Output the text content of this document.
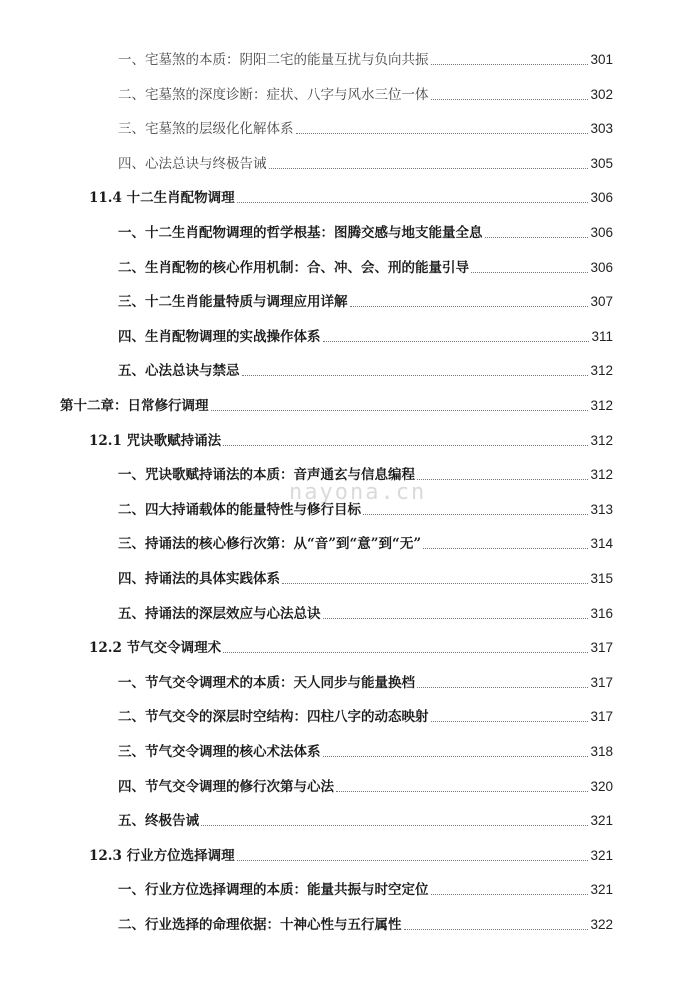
一、宅墓煞的本质：阴阳二宅的能量互扰与负向共振	301
二、宅墓煞的深度诊断：症状、八字与风水三位一体	302
三、宅墓煞的层级化化解体系	303
四、心法总诀与终极告诫	305
11.4 十二生肖配物调理	306
一、十二生肖配物调理的哲学根基：图腾交感与地支能量全息	306
二、生肖配物的核心作用机制：合、冲、会、刑的能量引导	306
三、十二生肖能量特质与调理应用详解	307
四、生肖配物调理的实战操作体系	311
五、心法总诀与禁忌	312
第十二章：日常修行调理	312
12.1 咒诀歌赋持诵法	312
一、咒诀歌赋持诵法的本质：音声通玄与信息编程	312
二、四大持诵载体的能量特性与修行目标	313
三、持诵法的核心修行次第：从“音”到“意”到“无”	314
四、持诵法的具体实践体系	315
五、持诵法的深层效应与心法总诀	316
12.2 节气交令调理术	317
一、节气交令调理术的本质：天人同步与能量换档	317
二、节气交令的深层时空结构：四柱八字的动态映射	317
三、节气交令调理的核心术法体系	318
四、节气交令调理的修行次第与心法	320
五、终极告诫	321
12.3 行业方位选择调理	321
一、行业方位选择调理的本质：能量共振与时空定位	321
二、行业选择的命理依据：十神心性与五行属性	322
nayona.cn
